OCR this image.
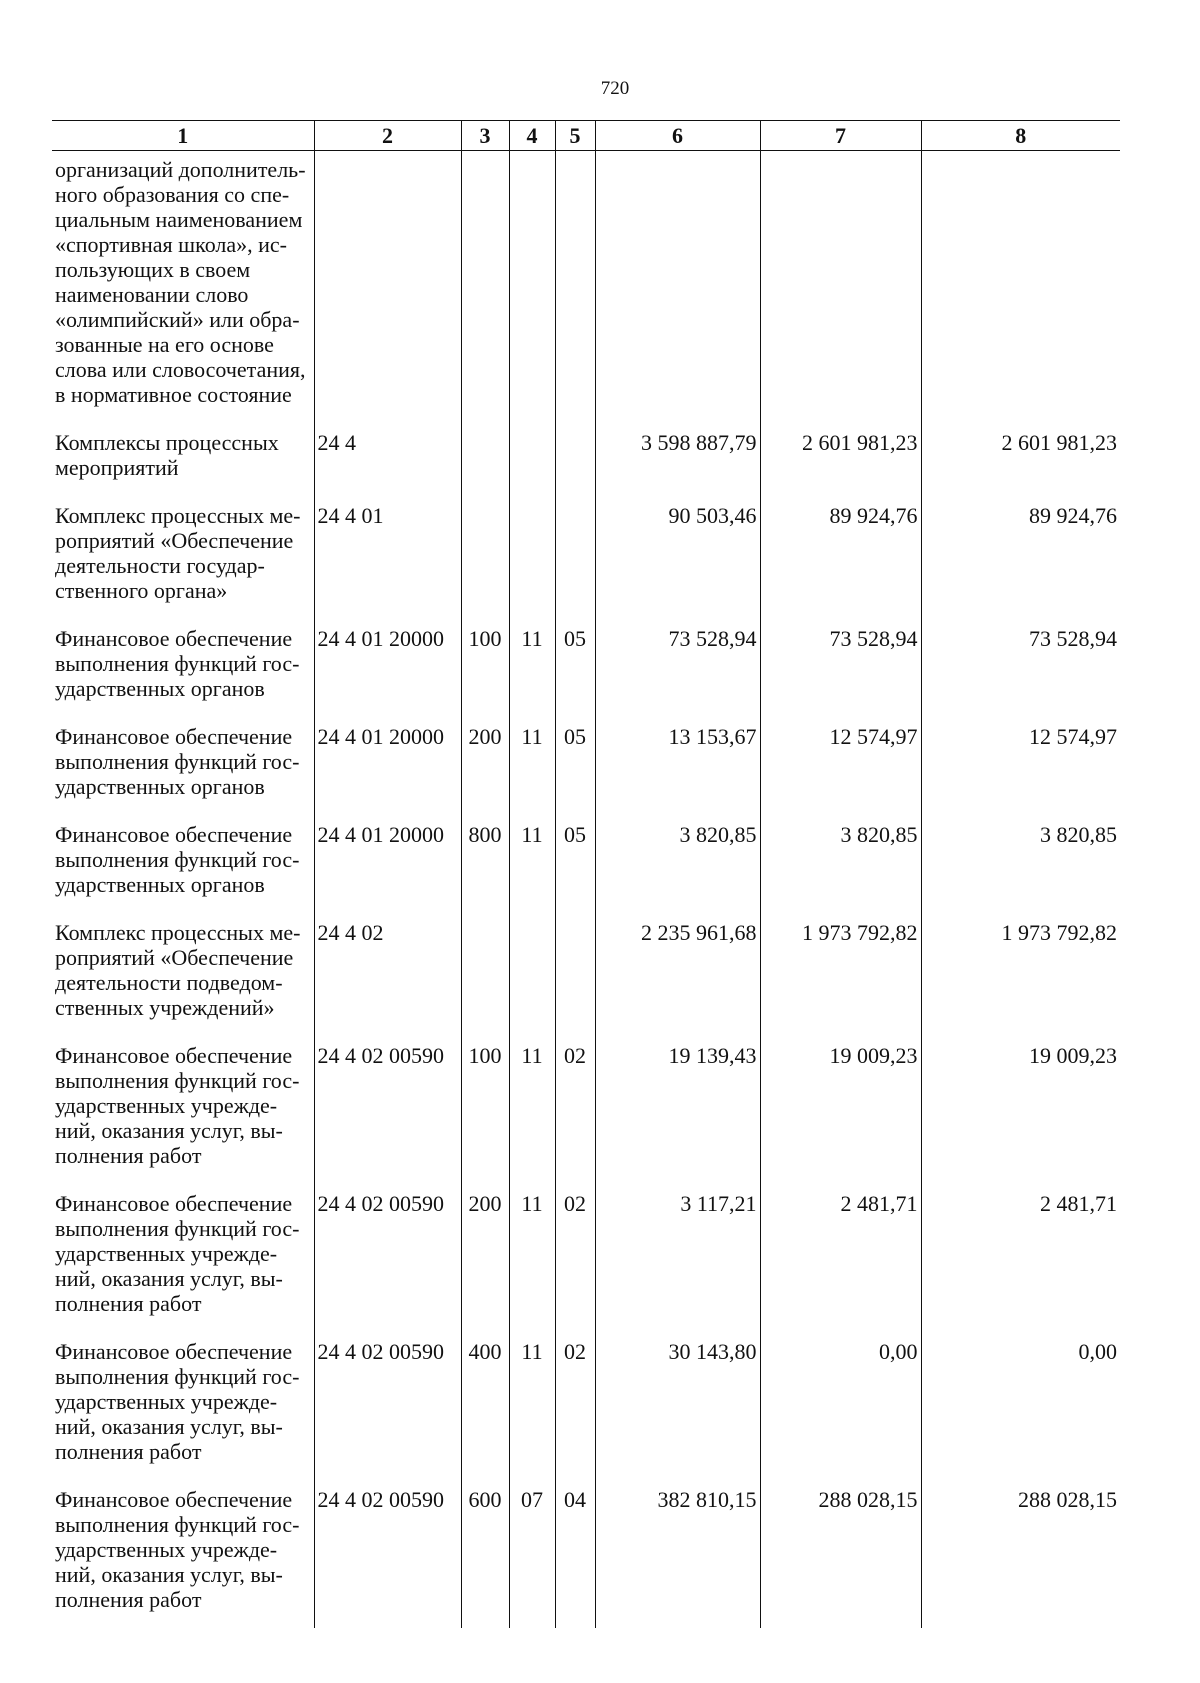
720
1	2	3	4	5	6	7	8
организаций дополнитель-ного образования со спе-циальным наименованием «спортивная школа», ис-пользующих в своем наименовании слово «олимпийский» или обра-зованные на его основе слова или словосочетания, в нормативное состояние							
Комплексы процессных мероприятий	24 4				3 598 887,79	2 601 981,23	2 601 981,23
Комплекс процессных ме-роприятий «Обеспечение деятельности государ-ственного органа»	24 4 01				90 503,46	89 924,76	89 924,76
Финансовое обеспечение выполнения функций гос-ударственных органов	24 4 01 20000	100	11	05	73 528,94	73 528,94	73 528,94
Финансовое обеспечение выполнения функций гос-ударственных органов	24 4 01 20000	200	11	05	13 153,67	12 574,97	12 574,97
Финансовое обеспечение выполнения функций гос-ударственных органов	24 4 01 20000	800	11	05	3 820,85	3 820,85	3 820,85
Комплекс процессных ме-роприятий «Обеспечение деятельности подведом-ственных учреждений»	24 4 02				2 235 961,68	1 973 792,82	1 973 792,82
Финансовое обеспечение выполнения функций гос-ударственных учрежде-ний, оказания услуг, вы-полнения работ	24 4 02 00590	100	11	02	19 139,43	19 009,23	19 009,23
Финансовое обеспечение выполнения функций гос-ударственных учрежде-ний, оказания услуг, вы-полнения работ	24 4 02 00590	200	11	02	3 117,21	2 481,71	2 481,71
Финансовое обеспечение выполнения функций гос-ударственных учрежде-ний, оказания услуг, вы-полнения работ	24 4 02 00590	400	11	02	30 143,80	0,00	0,00
Финансовое обеспечение выполнения функций гос-ударственных учрежде-ний, оказания услуг, вы-полнения работ	24 4 02 00590	600	07	04	382 810,15	288 028,15	288 028,15
